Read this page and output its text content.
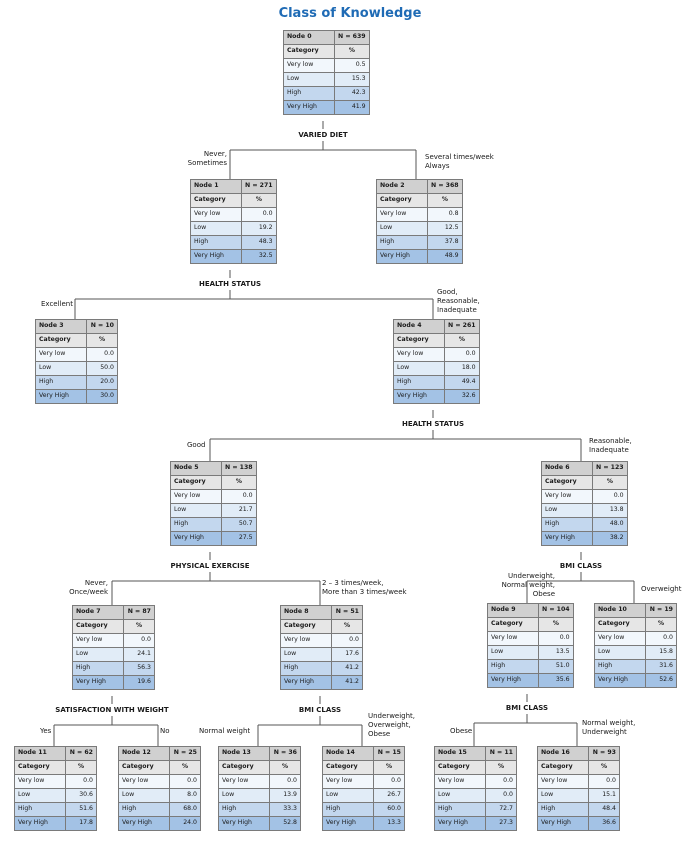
Class of Knowledge
Node 0	N = 639
Category	%
Very low	0.5
Low	15.3
High	42.3
Very High	41.9
Node 1	N = 271
Category	%
Very low	0.0
Low	19.2
High	48.3
Very High	32.5
Node 2	N = 368
Category	%
Very low	0.8
Low	12.5
High	37.8
Very High	48.9
Node 3	N = 10
Category	%
Very low	0.0
Low	50.0
High	20.0
Very High	30.0
Node 4	N = 261
Category	%
Very low	0.0
Low	18.0
High	49.4
Very High	32.6
Node 5	N = 138
Category	%
Very low	0.0
Low	21.7
High	50.7
Very High	27.5
Node 6	N = 123
Category	%
Very low	0.0
Low	13.8
High	48.0
Very High	38.2
Node 7	N = 87
Category	%
Very low	0.0
Low	24.1
High	56.3
Very High	19.6
Node 8	N = 51
Category	%
Very low	0.0
Low	17.6
High	41.2
Very High	41.2
Node 9	N = 104
Category	%
Very low	0.0
Low	13.5
High	51.0
Very High	35.6
Node 10	N = 19
Category	%
Very low	0.0
Low	15.8
High	31.6
Very High	52.6
Node 11	N = 62
Category	%
Very low	0.0
Low	30.6
High	51.6
Very High	17.8
Node 12	N = 25
Category	%
Very low	0.0
Low	8.0
High	68.0
Very High	24.0
Node 13	N = 36
Category	%
Very low	0.0
Low	13.9
High	33.3
Very High	52.8
Node 14	N = 15
Category	%
Very low	0.0
Low	26.7
High	60.0
Very High	13.3
Node 15	N = 11
Category	%
Very low	0.0
Low	0.0
High	72.7
Very High	27.3
Node 16	N = 93
Category	%
Very low	0.0
Low	15.1
High	48.4
Very High	36.6
VARIED DIET
Never,
Sometimes
Several times/week
Always
HEALTH STATUS
Excellent
Good,
Reasonable,
Inadequate
HEALTH STATUS
Good	Reasonable,
Inadequate
PHYSICAL EXERCISE
Never,
Once/week
2 – 3 times/week,
More than 3 times/week
BMI CLASS
Underweight,
Normal weight,
Obese
Overweight
SATISFACTION WITH WEIGHT
Yes	No
BMI CLASS
Normal weight
Underweight,
Overweight,
Obese
BMI CLASS
Obese
Normal weight,
Underweight
